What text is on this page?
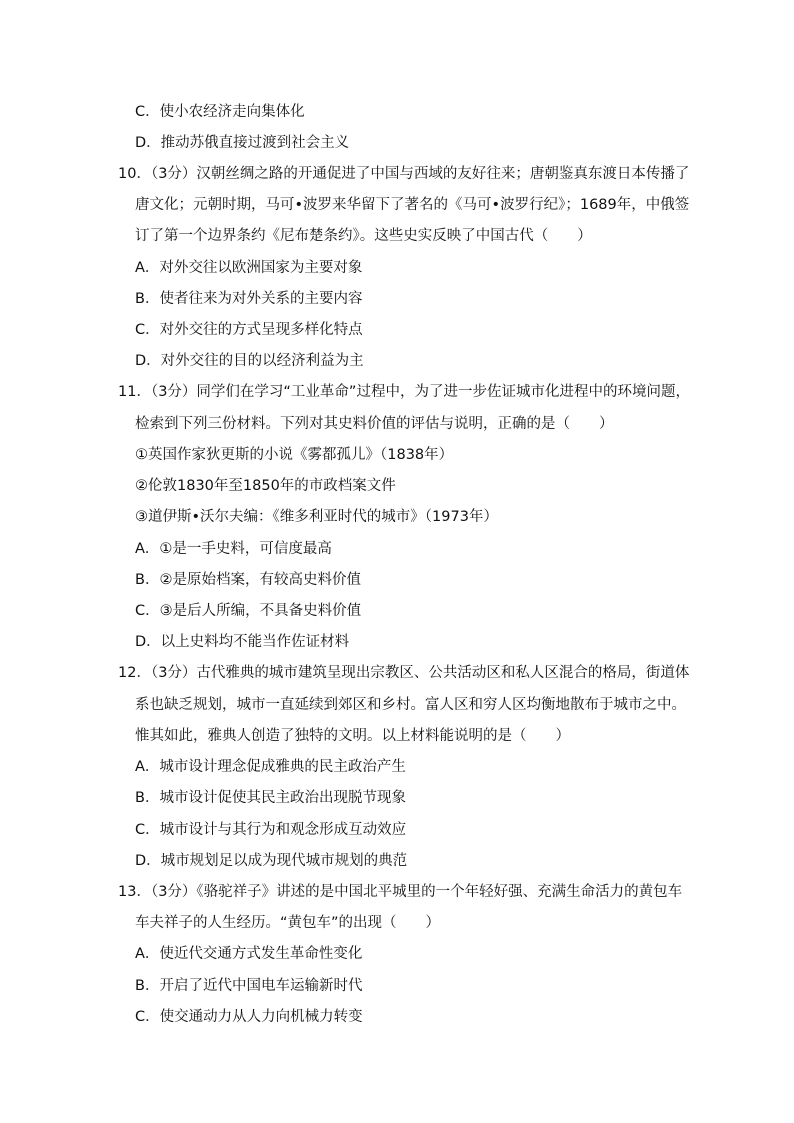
C．使小农经济走向集体化
D．推动苏俄直接过渡到社会主义
10．（3分）汉朝丝绸之路的开通促进了中国与西域的友好往来；唐朝鉴真东渡日本传播了
唐文化；元朝时期，马可•波罗来华留下了著名的《马可•波罗行纪》；1689年，中俄签
订了第一个边界条约《尼布楚条约》。这些史实反映了中国古代（　　）
A．对外交往以欧洲国家为主要对象
B．使者往来为对外关系的主要内容
C．对外交往的方式呈现多样化特点
D．对外交往的目的以经济利益为主
11．（3分）同学们在学习“工业革命”过程中，为了进一步佐证城市化进程中的环境问题，
检索到下列三份材料。下列对其史料价值的评估与说明，正确的是（　　）
①英国作家狄更斯的小说《雾都孤儿》（1838年）
②伦敦1830年至1850年的市政档案文件
③道伊斯•沃尔夫编：《维多利亚时代的城市》（1973年）
A．①是一手史料，可信度最高
B．②是原始档案，有较高史料价值
C．③是后人所编，不具备史料价值
D．以上史料均不能当作佐证材料
12．（3分）古代雅典的城市建筑呈现出宗教区、公共活动区和私人区混合的格局，街道体
系也缺乏规划，城市一直延续到郊区和乡村。富人区和穷人区均衡地散布于城市之中。
惟其如此，雅典人创造了独特的文明。以上材料能说明的是（　　）
A．城市设计理念促成雅典的民主政治产生
B．城市设计促使其民主政治出现脱节现象
C．城市设计与其行为和观念形成互动效应
D．城市规划足以成为现代城市规划的典范
13．（3分）《骆驼祥子》讲述的是中国北平城里的一个年轻好强、充满生命活力的黄包车
车夫祥子的人生经历。“黄包车”的出现（　　）
A．使近代交通方式发生革命性变化
B．开启了近代中国电车运输新时代
C．使交通动力从人力向机械力转变
